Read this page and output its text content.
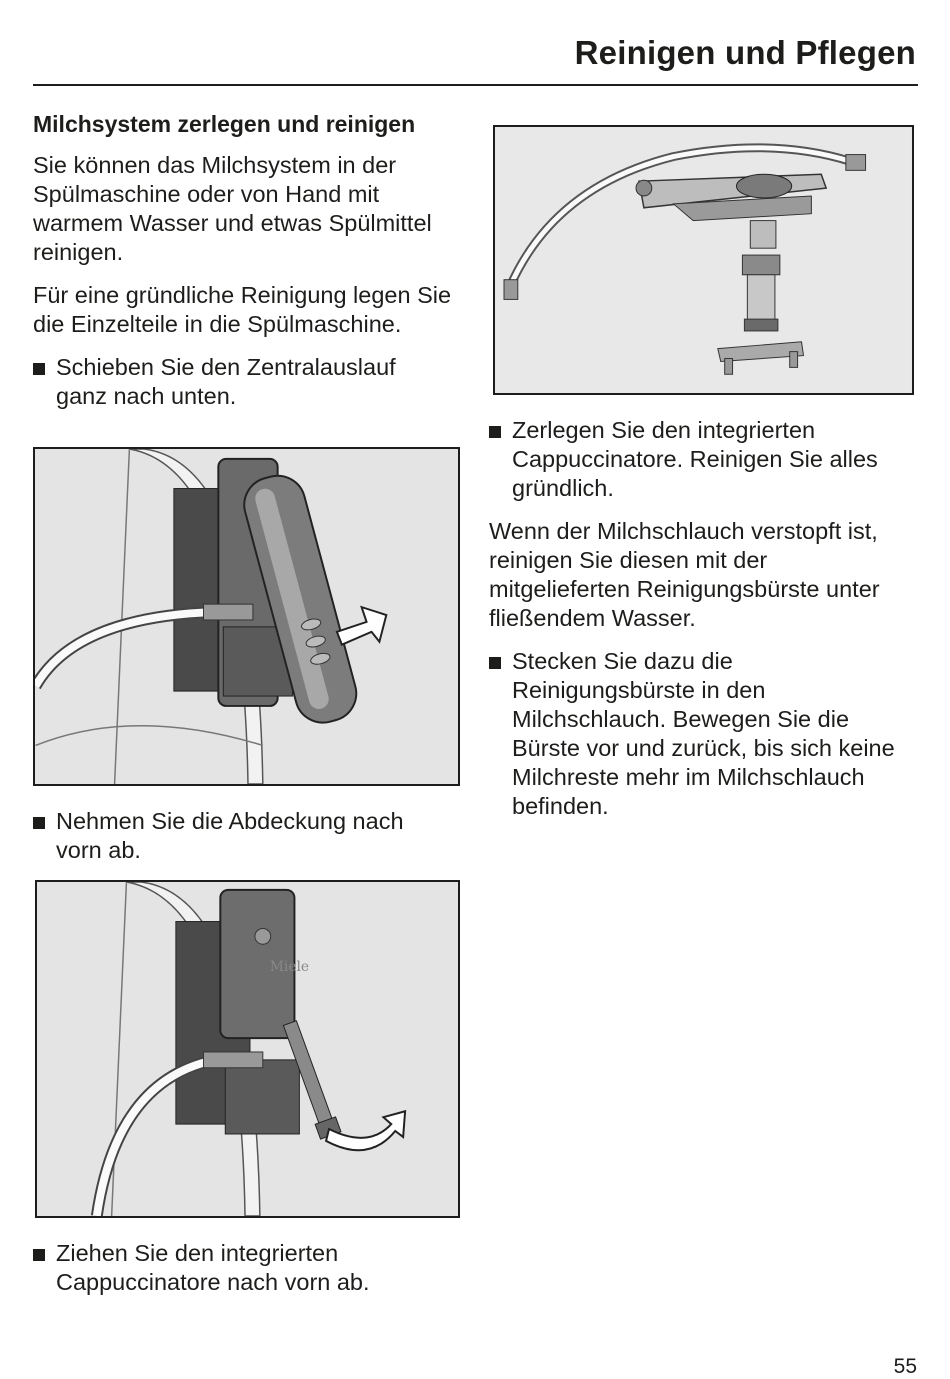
Reinigen und Pflegen
Milchsystem zerlegen und reinigen

Sie können das Milchsystem in der Spülmaschine oder von Hand mit warmem Wasser und etwas Spülmittel reinigen.

Für eine gründliche Reinigung legen Sie die Einzelteile in die Spülmaschine.

Schieben Sie den Zentralauslauf ganz nach unten.
Nehmen Sie die Abdeckung nach vorn ab.
Miele
Ziehen Sie den integrierten Cappuccinatore nach vorn ab.
Zerlegen Sie den integrierten Cappuccinatore. Reinigen Sie alles gründlich.

Wenn der Milchschlauch verstopft ist, reinigen Sie diesen mit der mitgelieferten Reinigungsbürste unter fließendem Wasser.

Stecken Sie dazu die Reinigungsbürste in den Milchschlauch. Bewegen Sie die Bürste vor und zurück, bis sich keine Milchreste mehr im Milchschlauch befinden.
55
